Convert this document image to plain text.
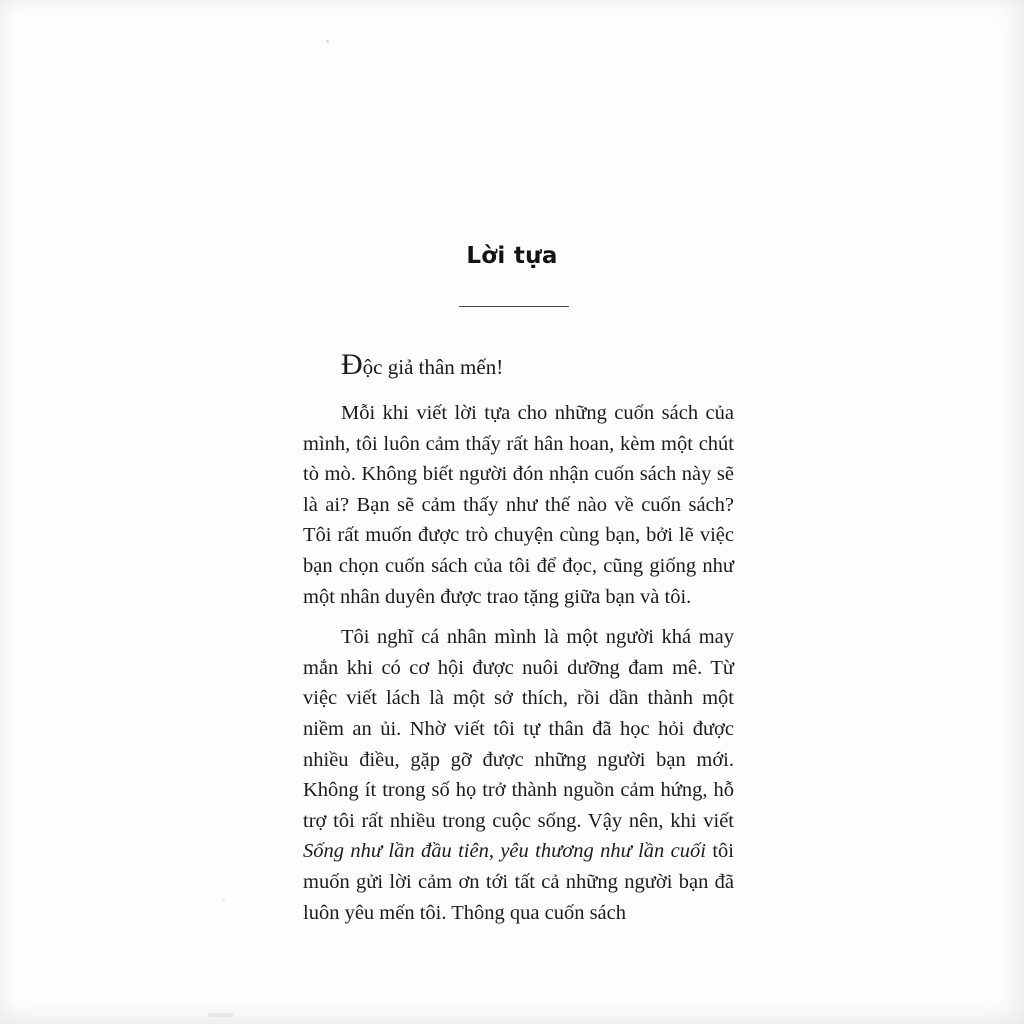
Lời tựa

Độc giả thân mến!

Mỗi khi viết lời tựa cho những cuốn sách của mình, tôi luôn cảm thấy rất hân hoan, kèm một chút tò mò. Không biết người đón nhận cuốn sách này sẽ là ai? Bạn sẽ cảm thấy như thế nào về cuốn sách? Tôi rất muốn được trò chuyện cùng bạn, bởi lẽ việc bạn chọn cuốn sách của tôi để đọc, cũng giống như một nhân duyên được trao tặng giữa bạn và tôi.

Tôi nghĩ cá nhân mình là một người khá may mắn khi có cơ hội được nuôi dưỡng đam mê. Từ việc viết lách là một sở thích, rồi dần thành một niềm an ủi. Nhờ viết tôi tự thân đã học hỏi được nhiều điều, gặp gỡ được những người bạn mới. Không ít trong số họ trở thành nguồn cảm hứng, hỗ trợ tôi rất nhiều trong cuộc sống. Vậy nên, khi viết Sống như lần đầu tiên, yêu thương như lần cuối tôi muốn gửi lời cảm ơn tới tất cả những người bạn đã luôn yêu mến tôi. Thông qua cuốn sách
